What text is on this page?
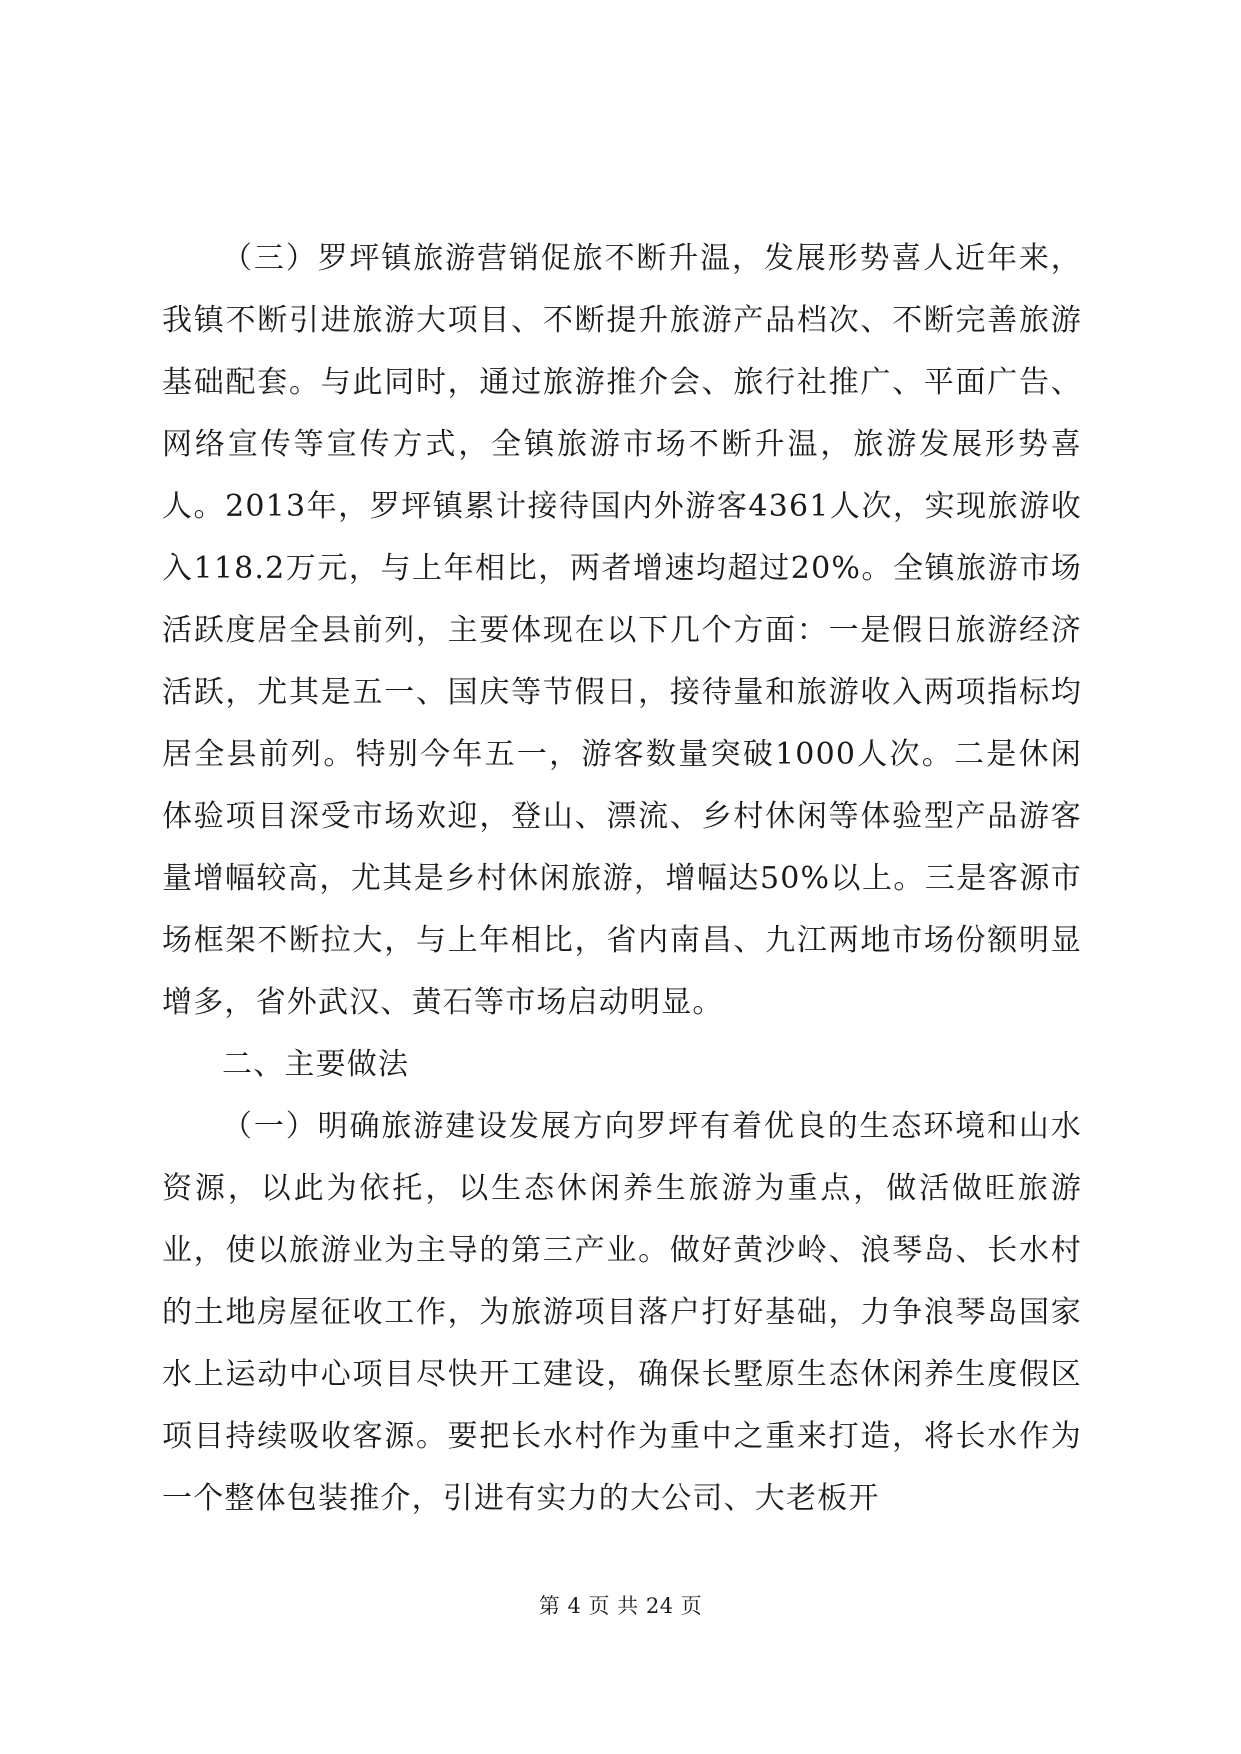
（三）罗坪镇旅游营销促旅不断升温，发展形势喜人近年来，我镇不断引进旅游大项目、不断提升旅游产品档次、不断完善旅游基础配套。与此同时，通过旅游推介会、旅行社推广、平面广告、网络宣传等宣传方式，全镇旅游市场不断升温，旅游发展形势喜人。2013年，罗坪镇累计接待国内外游客4361人次，实现旅游收入118.2万元，与上年相比，两者增速均超过20%。全镇旅游市场活跃度居全县前列，主要体现在以下几个方面：一是假日旅游经济活跃，尤其是五一、国庆等节假日，接待量和旅游收入两项指标均居全县前列。特别今年五一，游客数量突破1000人次。二是休闲体验项目深受市场欢迎，登山、漂流、乡村休闲等体验型产品游客量增幅较高，尤其是乡村休闲旅游，增幅达50%以上。三是客源市场框架不断拉大，与上年相比，省内南昌、九江两地市场份额明显增多，省外武汉、黄石等市场启动明显。

二、主要做法

（一）明确旅游建设发展方向罗坪有着优良的生态环境和山水资源，以此为依托，以生态休闲养生旅游为重点，做活做旺旅游业，使以旅游业为主导的第三产业。做好黄沙岭、浪琴岛、长水村的土地房屋征收工作，为旅游项目落户打好基础，力争浪琴岛国家水上运动中心项目尽快开工建设，确保长墅原生态休闲养生度假区项目持续吸收客源。要把长水村作为重中之重来打造，将长水作为一个整体包装推介，引进有实力的大公司、大老板开

第 4 页 共 24 页
